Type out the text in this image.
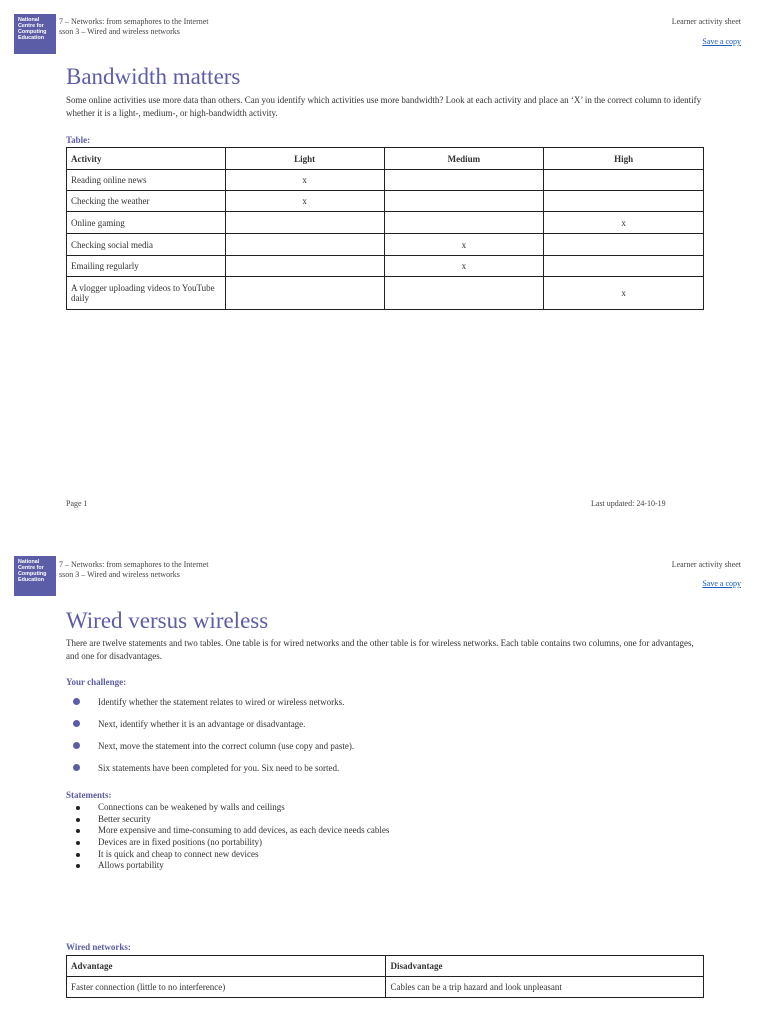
National Centre for Computing Education
7 – Networks: from semaphores to the Internet
sson 3 – Wired and wireless networks
Learner activity sheet
Save a copy
Bandwidth matters

Some online activities use more data than others. Can you identify which activities use more bandwidth? Look at each activity and place an ‘X’ in the correct column to identify whether it is a light-, medium-, or high-bandwidth activity.

Table:

Activity	Light	Medium	High
Reading online news	x		
Checking the weather	x		
Online gaming			x
Checking social media		x	
Emailing regularly		x	
A vlogger uploading videos to YouTube daily			x
Page 1	Last updated: 24-10-19
National Centre for Computing Education
7 – Networks: from semaphores to the Internet
sson 3 – Wired and wireless networks
Learner activity sheet
Save a copy
Wired versus wireless

There are twelve statements and two tables. One table is for wired networks and the other table is for wireless networks. Each table contains two columns, one for advantages, and one for disadvantages.

Your challenge:

Identify whether the statement relates to wired or wireless networks.
Next, identify whether it is an advantage or disadvantage.
Next, move the statement into the correct column (use copy and paste).
Six statements have been completed for you. Six need to be sorted.

Statements:

Connections can be weakened by walls and ceilings
Better security
More expensive and time-consuming to add devices, as each device needs cables
Devices are in fixed positions (no portability)
It is quick and cheap to connect new devices
Allows portability

Wired networks:

Advantage	Disadvantage
Faster connection (little to no interference)	Cables can be a trip hazard and look unpleasant
